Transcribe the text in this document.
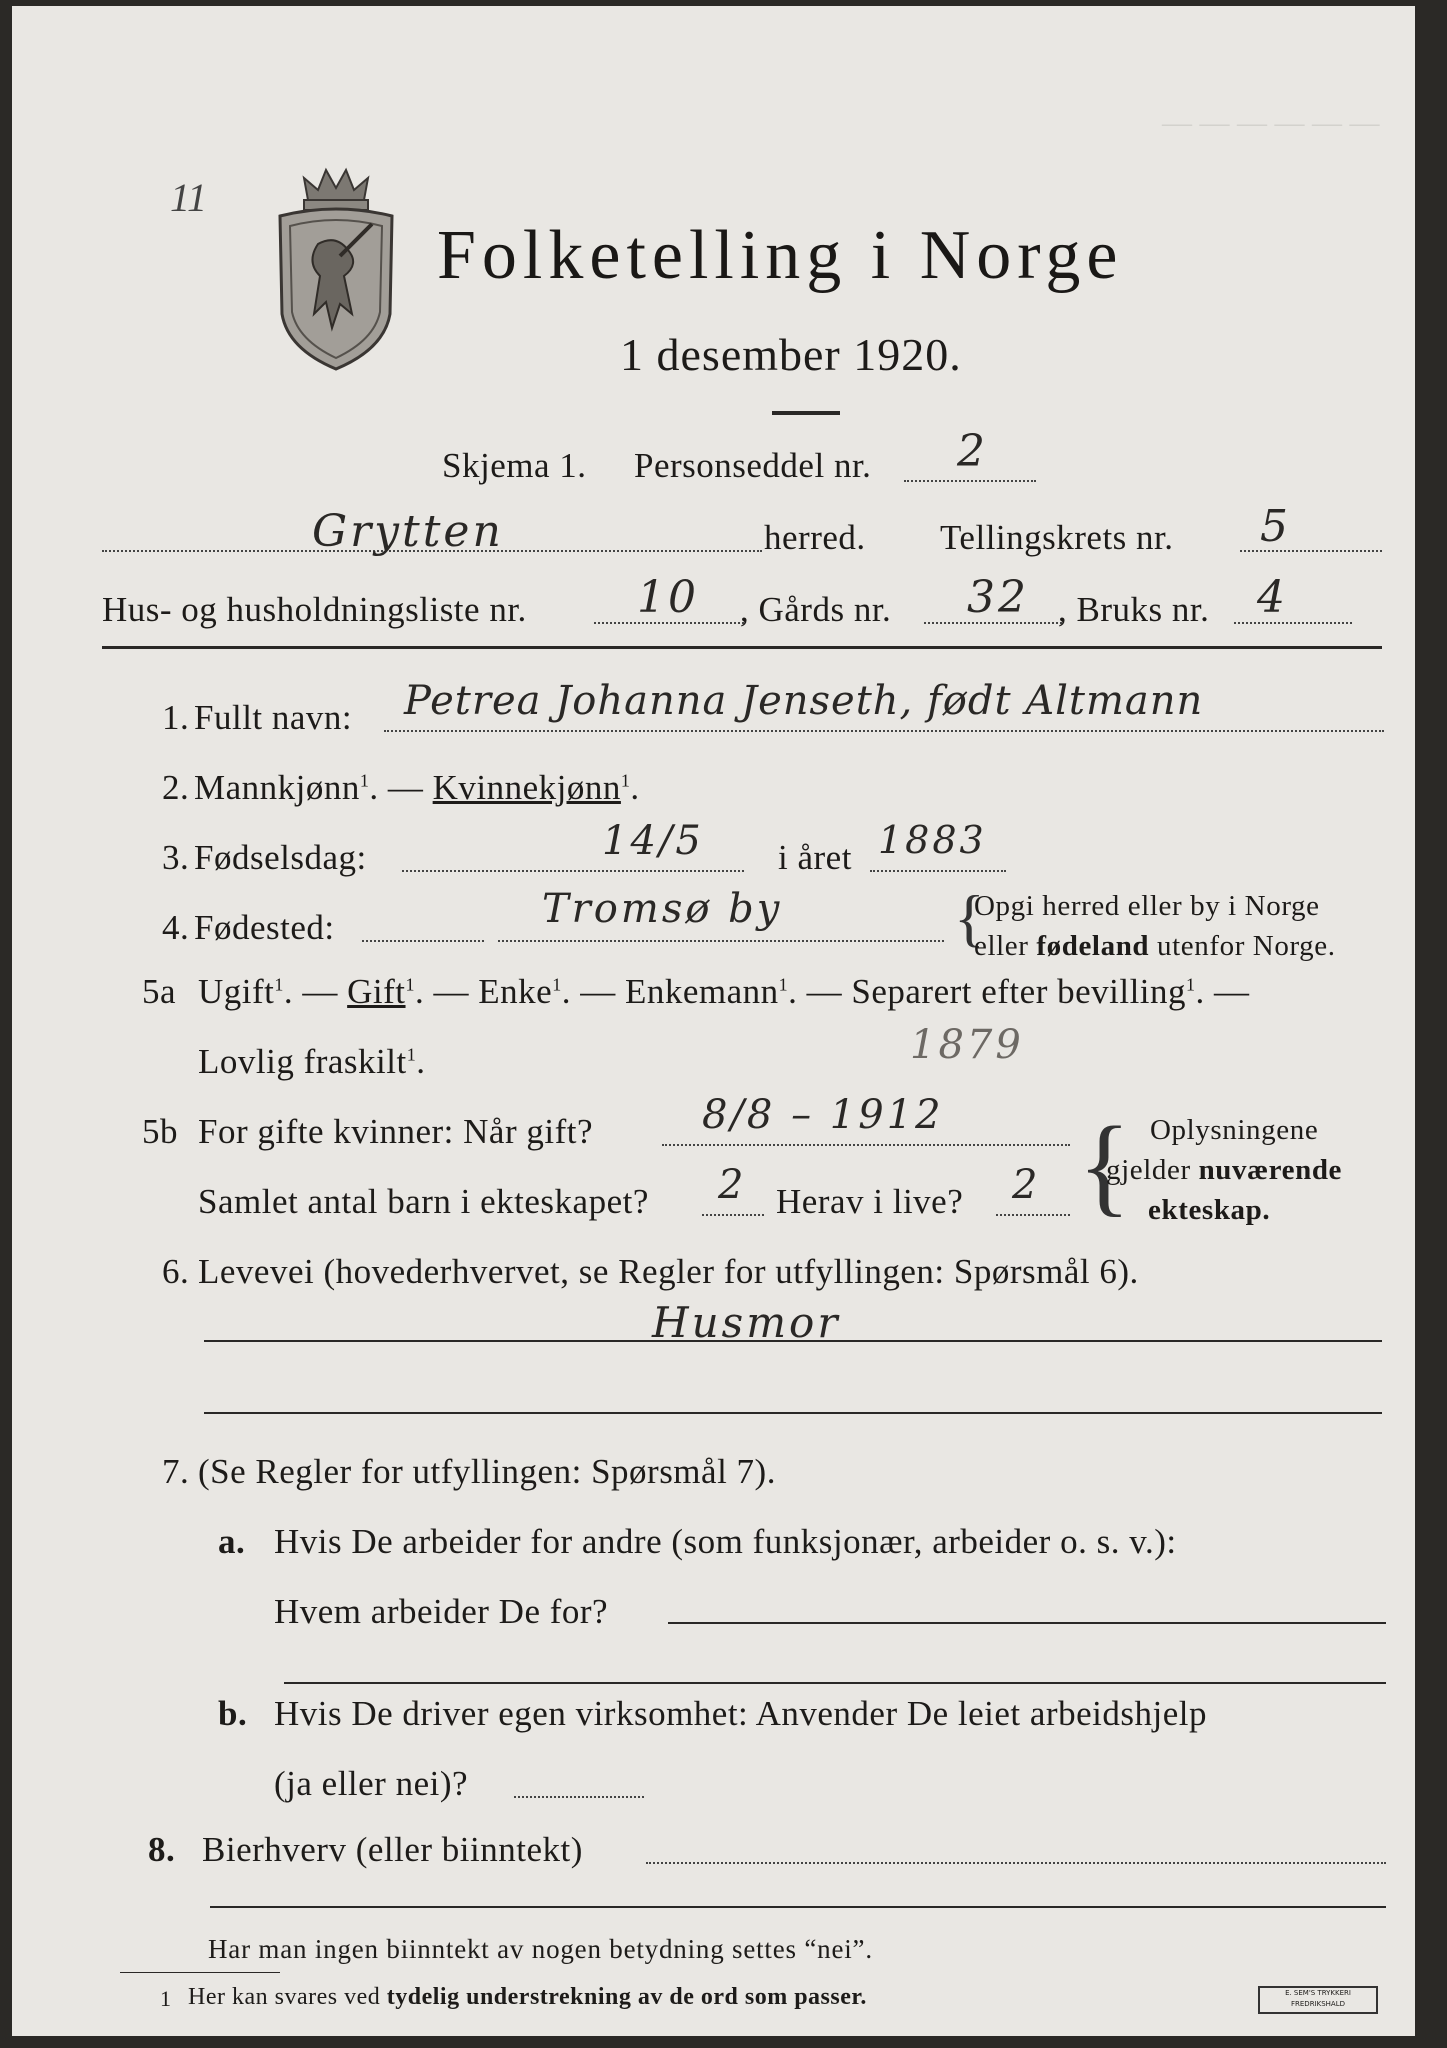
— — — — — —
11
Folketelling i Norge
1 desember 1920.
Skjema 1. Personseddel nr. 2
Grytten	herred. Tellingskrets nr. 5
Hus- og husholdningsliste nr.	10 , Gårds nr. 32 , Bruks nr. 4
1. Fullt navn: Petrea Johanna Jenseth, født Altmann
2. Mannkjønn$^1$. — Kvinnekjønn$^1$.
3. Fødselsdag:	14/5 i året 1883
4. Fødested:	Tromsø by	{
Opgi herred eller by i Norge
eller fødeland utenfor Norge.
5a Ugift$^1$. — Gift$^1$. — Enke$^1$. — Enkemann$^1$. — Separert efter bevilling$^1$. —
Lovlig fraskilt$^1$.	1879
5b For gifte kvinner: Når gift?	8/8 – 1912
Samlet antal barn i ekteskapet? 2 Herav i live? 2 { Oplysningene
gjelder nuværende
ekteskap.
6. Levevei (hovederhvervet, se Regler for utfyllingen: Spørsmål 6).
Husmor
7. (Se Regler for utfyllingen: Spørsmål 7).
a. Hvis De arbeider for andre (som funksjonær, arbeider o. s. v.):
Hvem arbeider De for?
b. Hvis De driver egen virksomhet: Anvender De leiet arbeidshjelp
(ja eller nei)?
8. Bierhverv (eller biinntekt)
Har man ingen biinntekt av nogen betydning settes “nei”.
1 Her kan svares ved tydelig understrekning av de ord som passer.	E. SEM'S TRYKKERI
FREDRIKSHALD
